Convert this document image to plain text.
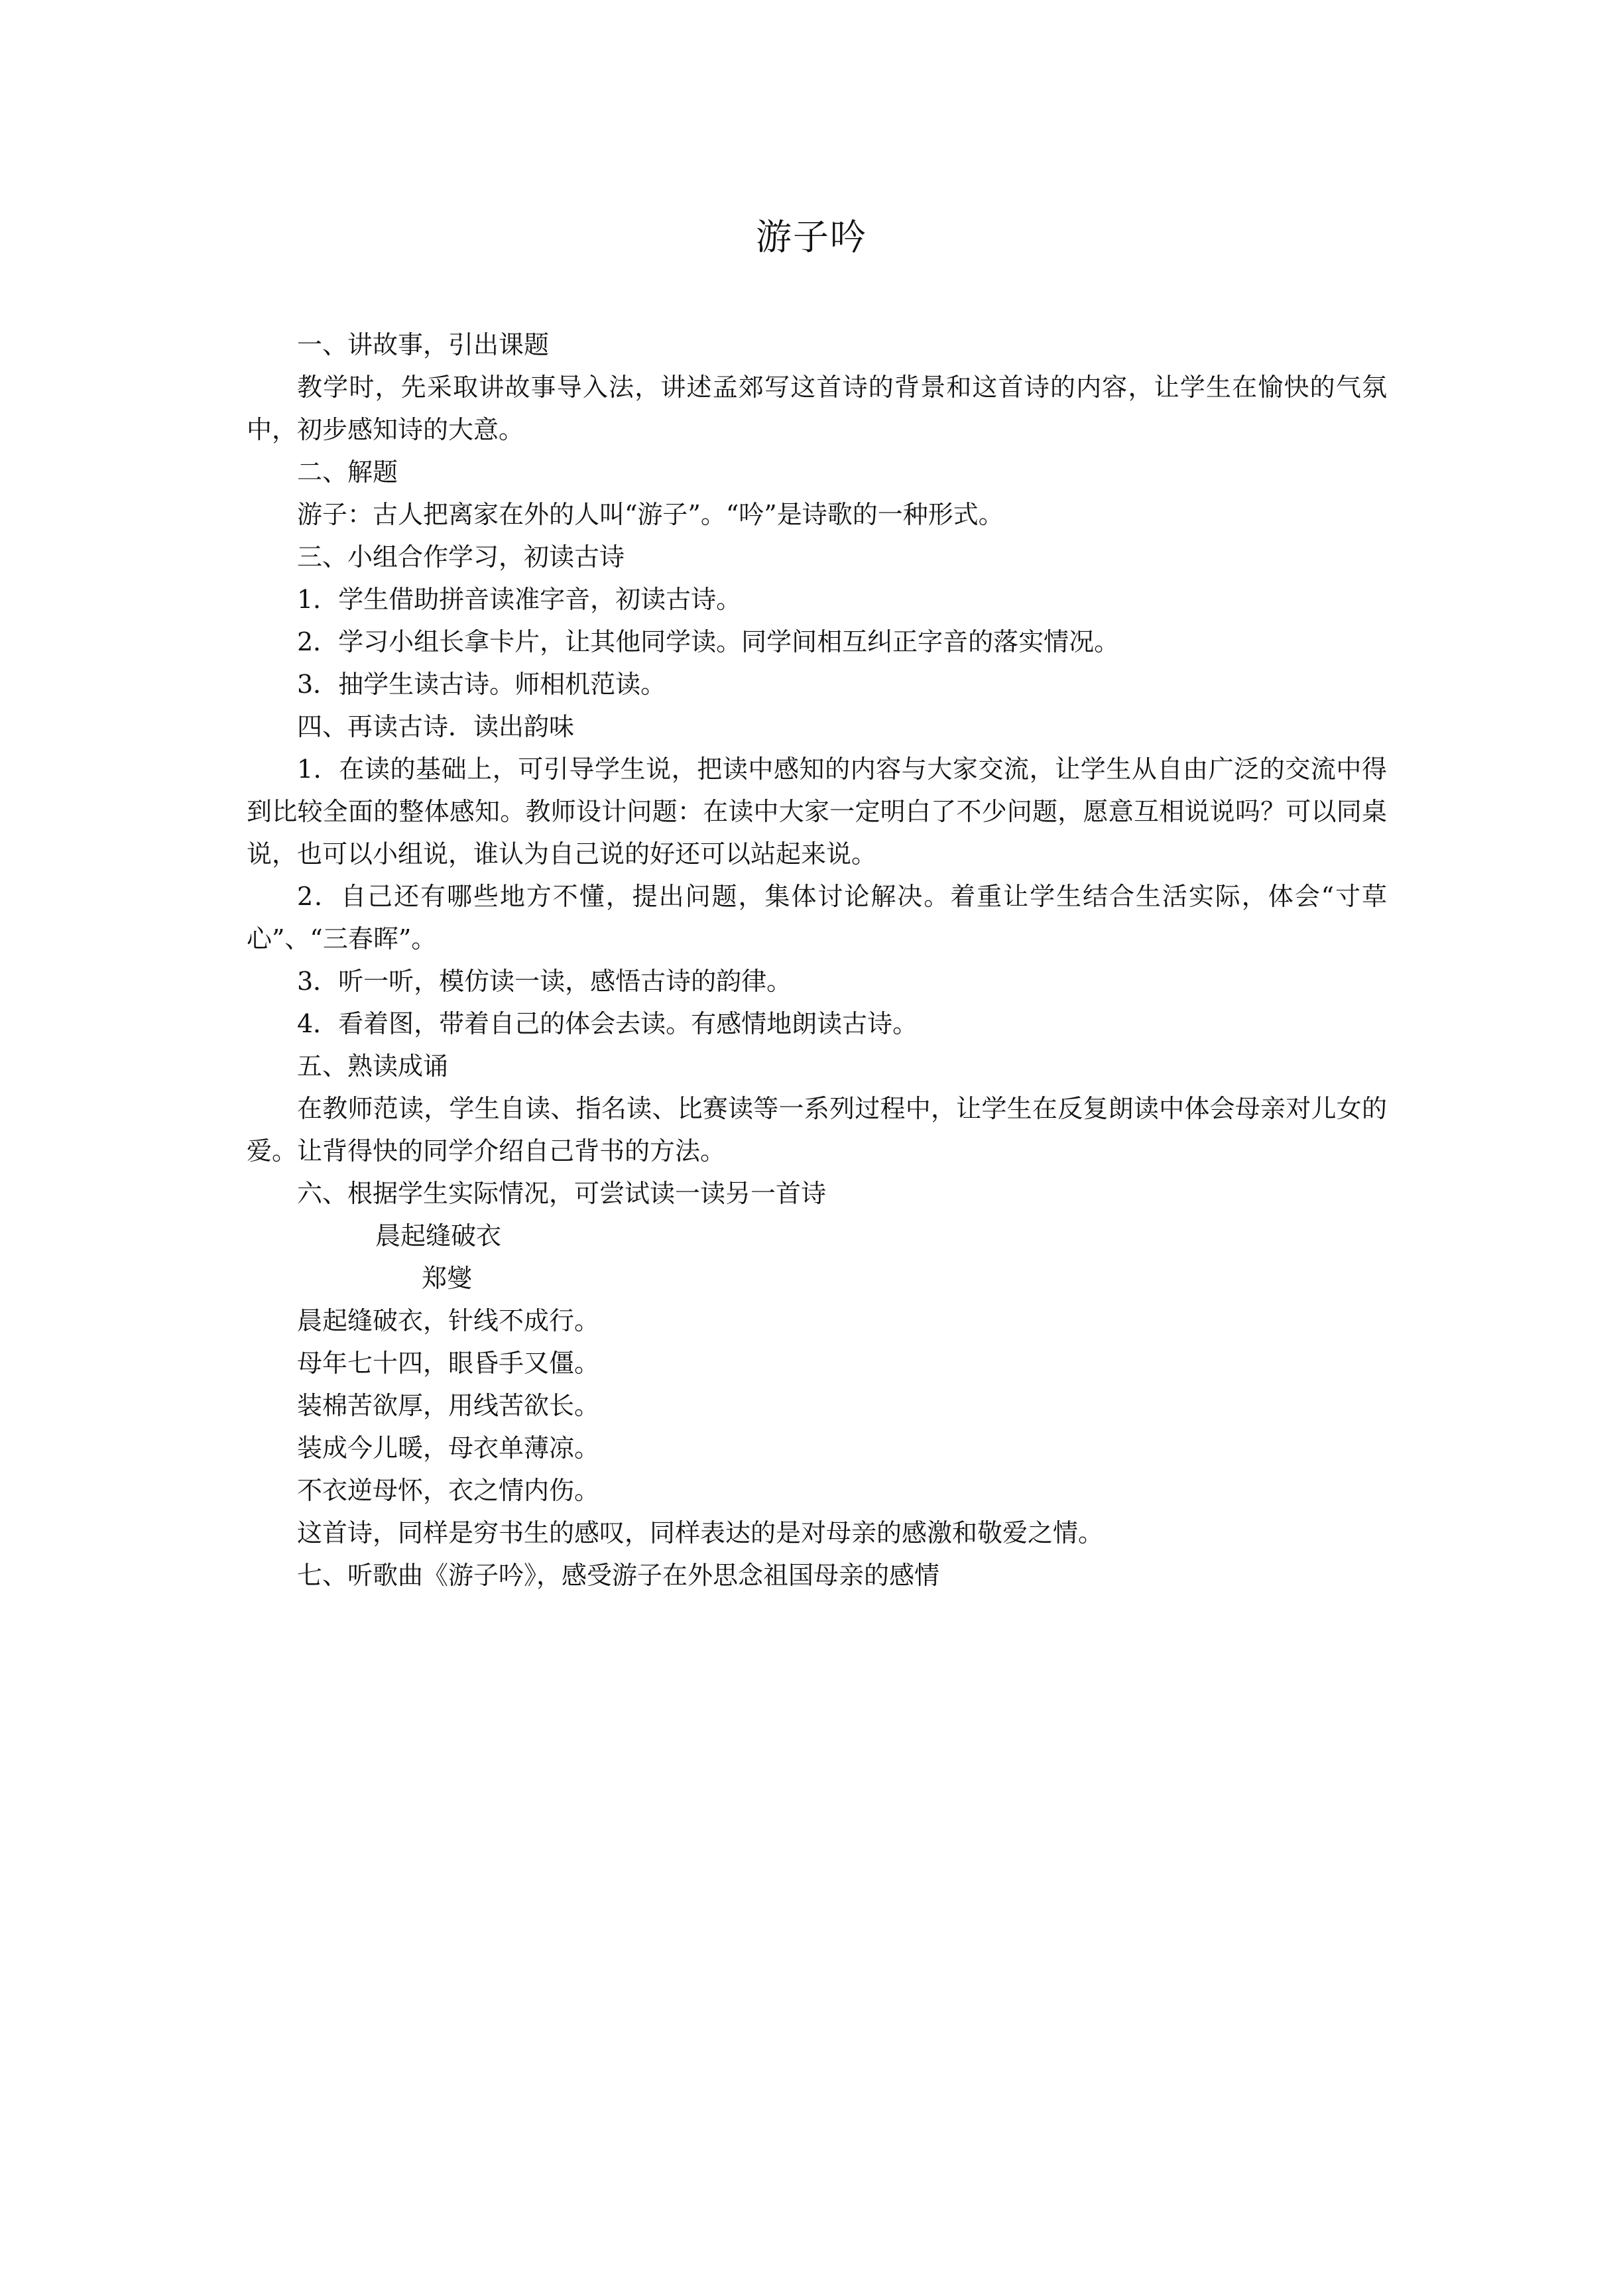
游子吟

一、讲故事，引出课题

教学时，先采取讲故事导入法，讲述孟郊写这首诗的背景和这首诗的内容，让学生在愉快的气氛中，初步感知诗的大意。

二、解题

游子：古人把离家在外的人叫“游子”。“吟”是诗歌的一种形式。

三、小组合作学习，初读古诗

1．学生借助拼音读准字音，初读古诗。

2．学习小组长拿卡片，让其他同学读。同学间相互纠正字音的落实情况。

3．抽学生读古诗。师相机范读。

四、再读古诗．读出韵味

1．在读的基础上，可引导学生说，把读中感知的内容与大家交流，让学生从自由广泛的交流中得到比较全面的整体感知。教师设计问题：在读中大家一定明白了不少问题，愿意互相说说吗？可以同桌说，也可以小组说，谁认为自己说的好还可以站起来说。

2．自己还有哪些地方不懂，提出问题，集体讨论解决。着重让学生结合生活实际，体会“寸草心”、“三春晖”。

3．听一听，模仿读一读，感悟古诗的韵律。

4．看着图，带着自己的体会去读。有感情地朗读古诗。

五、熟读成诵

在教师范读，学生自读、指名读、比赛读等一系列过程中，让学生在反复朗读中体会母亲对儿女的爱。让背得快的同学介绍自己背书的方法。

六、根据学生实际情况，可尝试读一读另一首诗

晨起缝破衣

郑燮

晨起缝破衣，针线不成行。

母年七十四，眼昏手又僵。

装棉苦欲厚，用线苦欲长。

装成今儿暖，母衣单薄凉。

不衣逆母怀，衣之情内伤。

这首诗，同样是穷书生的感叹，同样表达的是对母亲的感激和敬爱之情。

七、听歌曲《游子吟》，感受游子在外思念祖国母亲的感情
